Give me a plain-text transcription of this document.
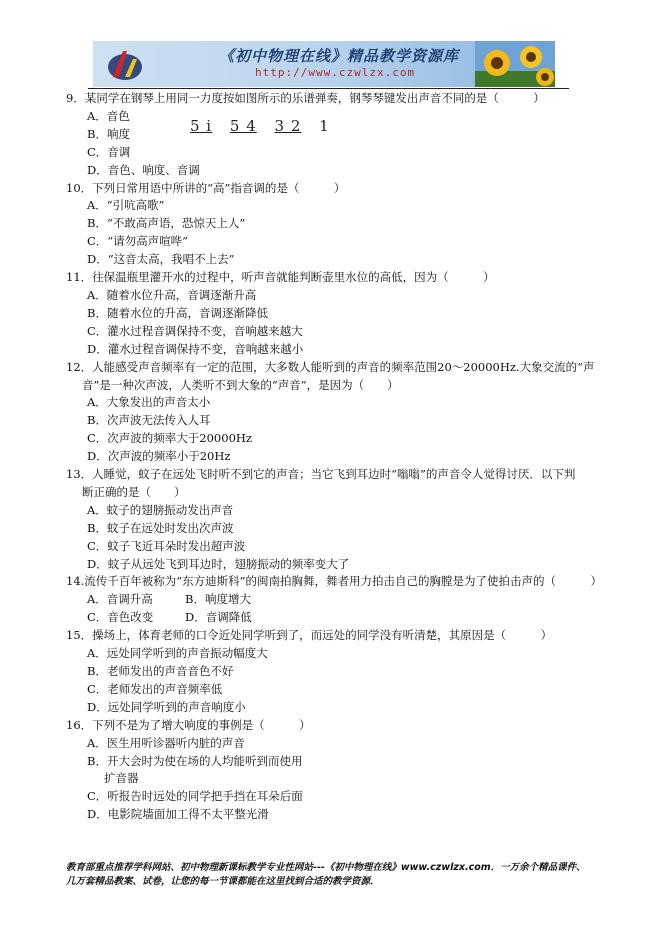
《初中物理在线》精品教学资源库
http://www.czwlzx.com
5 i 5 4 3 2 1
9．某同学在钢琴上用同一力度按如图所示的乐谱弹奏，钢琴琴键发出声音不同的是（　　　）
A．音色
B．响度
C．音调
D．音色、响度、音调
10．下列日常用语中所讲的“高”指音调的是（　　　）
A．“引吭高歌”
B．“不敢高声语，恐惊天上人”
C．“请勿高声喧哗”
D．“这音太高，我唱不上去”
11．往保温瓶里灌开水的过程中，听声音就能判断壶里水位的高低，因为（　　　）
A．随着水位升高，音调逐渐升高
B．随着水位的升高，音调逐渐降低
C．灌水过程音调保持不变，音响越来越大
D．灌水过程音调保持不变，音响越来越小
12．人能感受声音频率有一定的范围，大多数人能听到的声音的频率范围20～20000Hz.大象交流的“声
音”是一种次声波，人类听不到大象的“声音”，是因为（　　）
A．大象发出的声音太小
B．次声波无法传入人耳
C．次声波的频率大于20000Hz
D．次声波的频率小于20Hz
13．人睡觉，蚊子在远处飞时听不到它的声音；当它飞到耳边时“嗡嗡”的声音令人觉得讨厌．以下判
断正确的是（　　）
A．蚊子的翅膀振动发出声音
B．蚊子在远处时发出次声波
C．蚊子飞近耳朵时发出超声波
D．蚊子从远处飞到耳边时，翅膀振动的频率变大了
14.流传千百年被称为“东方迪斯科”的闽南拍胸舞，舞者用力拍击自己的胸膛是为了使拍击声的（　　　）
A．音调升高	B．响度增大
C．音色改变	D．音调降低
15．操场上，体育老师的口令近处同学听到了，而远处的同学没有听清楚，其原因是（　　　）
A．远处同学听到的声音振动幅度大
B．老师发出的声音音色不好
C．老师发出的声音频率低
D．远处同学听到的声音响度小
16．下列不是为了增大响度的事例是（　　　）
A．医生用听诊器听内脏的声音
B．开大会时为使在场的人均能听到而使用
扩音器
C．听报告时远处的同学把手挡在耳朵后面
D．电影院墙面加工得不太平整光滑
教育部重点推荐学科网站、初中物理新课标教学专业性网站---《初中物理在线》www.czwlzx.com．一万余个精品课件、
几万套精品教案、试卷，让您的每一节课都能在这里找到合适的教学资源．
